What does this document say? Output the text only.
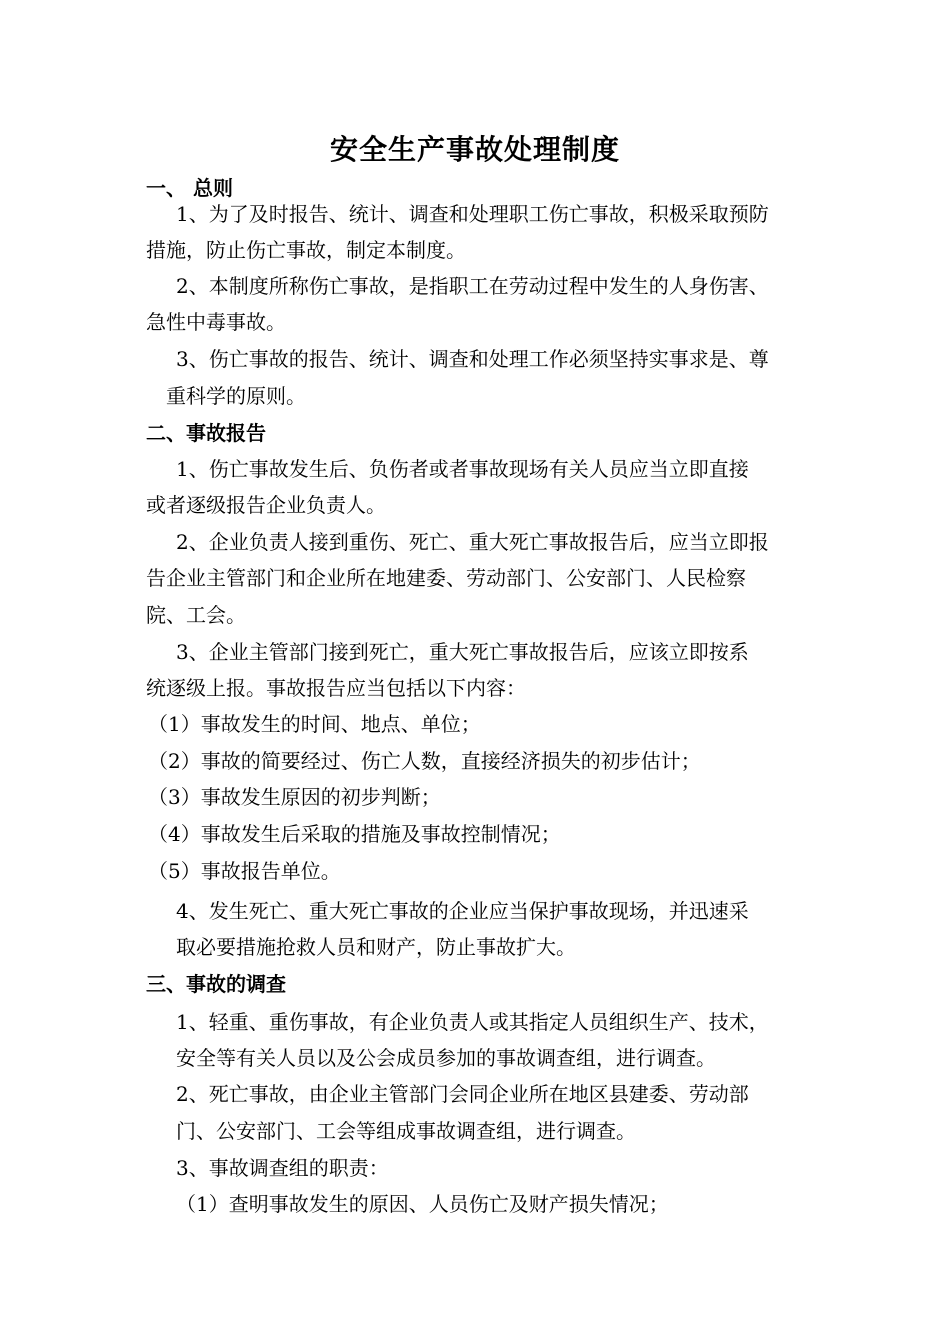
安全生产事故处理制度
一、 总则
1、为了及时报告、统计、调查和处理职工伤亡事故，积极采取预防
措施，防止伤亡事故，制定本制度。
2、本制度所称伤亡事故，是指职工在劳动过程中发生的人身伤害、
急性中毒事故。
3、伤亡事故的报告、统计、调查和处理工作必须坚持实事求是、尊
重科学的原则。
二、事故报告
1、伤亡事故发生后、负伤者或者事故现场有关人员应当立即直接
或者逐级报告企业负责人。
2、企业负责人接到重伤、死亡、重大死亡事故报告后，应当立即报
告企业主管部门和企业所在地建委、劳动部门、公安部门、人民检察
院、工会。
3、企业主管部门接到死亡，重大死亡事故报告后，应该立即按系
统逐级上报。事故报告应当包括以下内容：
（1）事故发生的时间、地点、单位；
（2）事故的简要经过、伤亡人数，直接经济损失的初步估计；
（3）事故发生原因的初步判断；
（4）事故发生后采取的措施及事故控制情况；
（5）事故报告单位。
4、发生死亡、重大死亡事故的企业应当保护事故现场，并迅速采
取必要措施抢救人员和财产，防止事故扩大。
三、事故的调查
1、轻重、重伤事故，有企业负责人或其指定人员组织生产、技术，
安全等有关人员以及公会成员参加的事故调查组，进行调查。
2、死亡事故，由企业主管部门会同企业所在地区县建委、劳动部
门、公安部门、工会等组成事故调查组，进行调查。
3、事故调查组的职责：
（1）查明事故发生的原因、人员伤亡及财产损失情况；
